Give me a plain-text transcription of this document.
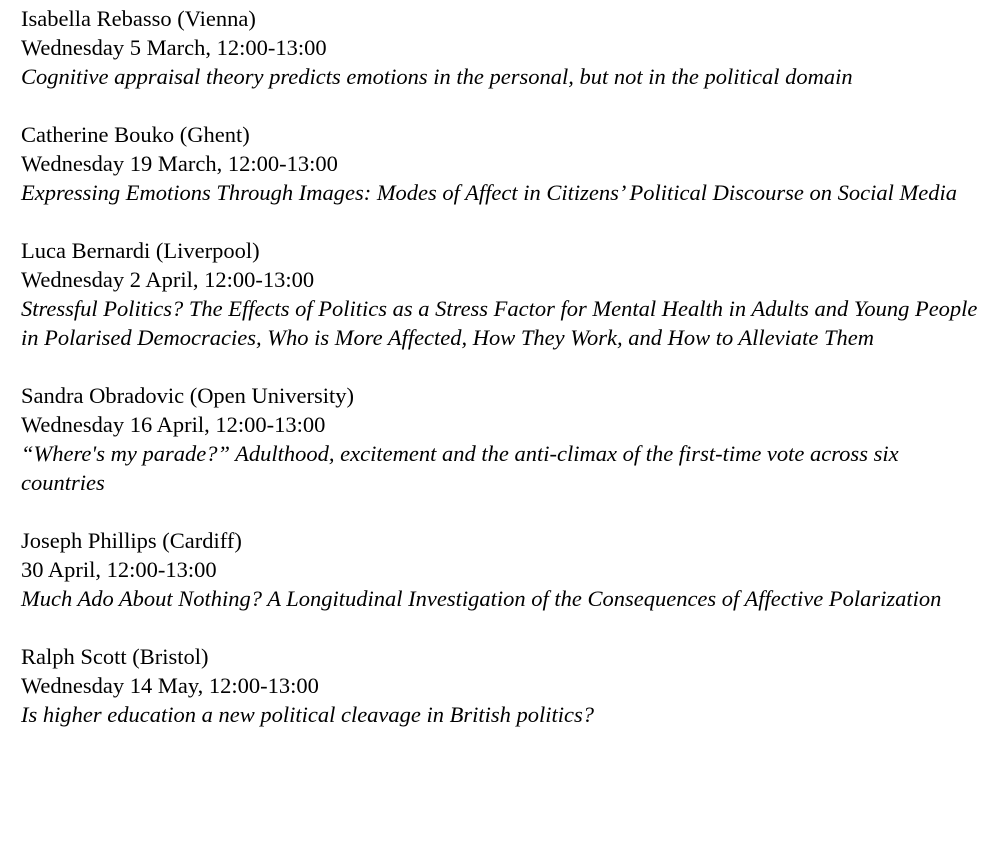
Isabella Rebasso (Vienna)
Wednesday 5 March, 12:00-13:00
Cognitive appraisal theory predicts emotions in the personal, but not in the political domain
Catherine Bouko (Ghent)
Wednesday 19 March, 12:00-13:00
Expressing Emotions Through Images: Modes of Affect in Citizens’ Political Discourse on Social Media
Luca Bernardi (Liverpool)
Wednesday 2 April, 12:00-13:00
Stressful Politics? The Effects of Politics as a Stress Factor for Mental Health in Adults and Young People in Polarised Democracies, Who is More Affected, How They Work, and How to Alleviate Them
Sandra Obradovic (Open University)
Wednesday 16 April, 12:00-13:00
“Where's my parade?” Adulthood, excitement and the anti-climax of the first-time vote across six countries
Joseph Phillips (Cardiff)
30 April, 12:00-13:00
Much Ado About Nothing? A Longitudinal Investigation of the Consequences of Affective Polarization
Ralph Scott (Bristol)
Wednesday 14 May, 12:00-13:00
Is higher education a new political cleavage in British politics?
